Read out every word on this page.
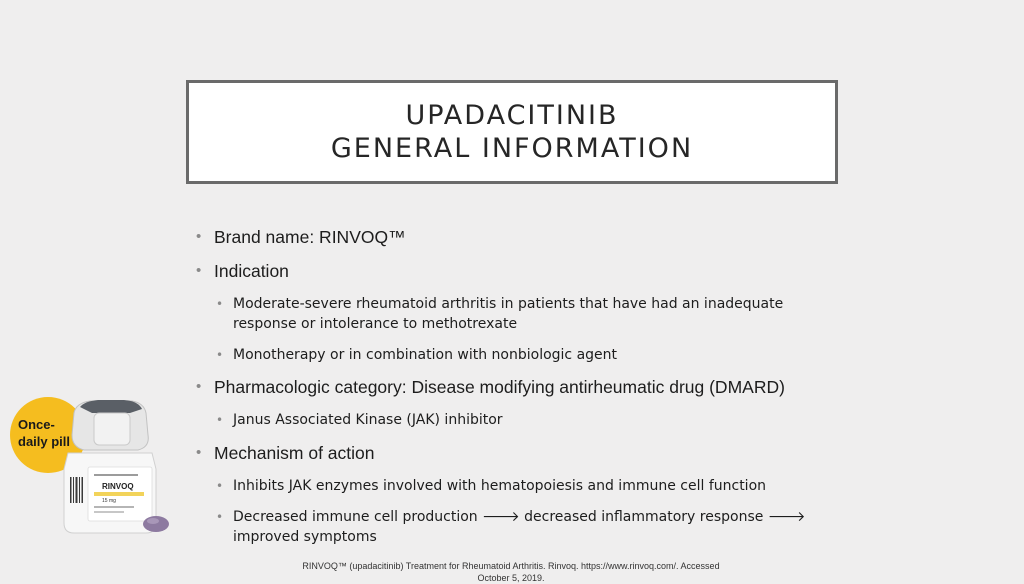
UPADACITINIB
GENERAL INFORMATION
• Brand name: RINVOQ™
• Indication
• Moderate-severe rheumatoid arthritis in patients that have had an inadequate response or intolerance to methotrexate
• Monotherapy or in combination with nonbiologic agent
• Pharmacologic category: Disease modifying antirheumatic drug (DMARD)
• Janus Associated Kinase (JAK) inhibitor
• Mechanism of action
• Inhibits JAK enzymes involved with hematopoiesis and immune cell function
• Decreased immune cell production 🡒 decreased inflammatory response 🡒 improved symptoms
Once-
daily pill
RINVOQ
15 mg
RINVOQ™ (upadacitinib) Treatment for Rheumatoid Arthritis. Rinvoq. https://www.rinvoq.com/. Accessed October 5, 2019.
